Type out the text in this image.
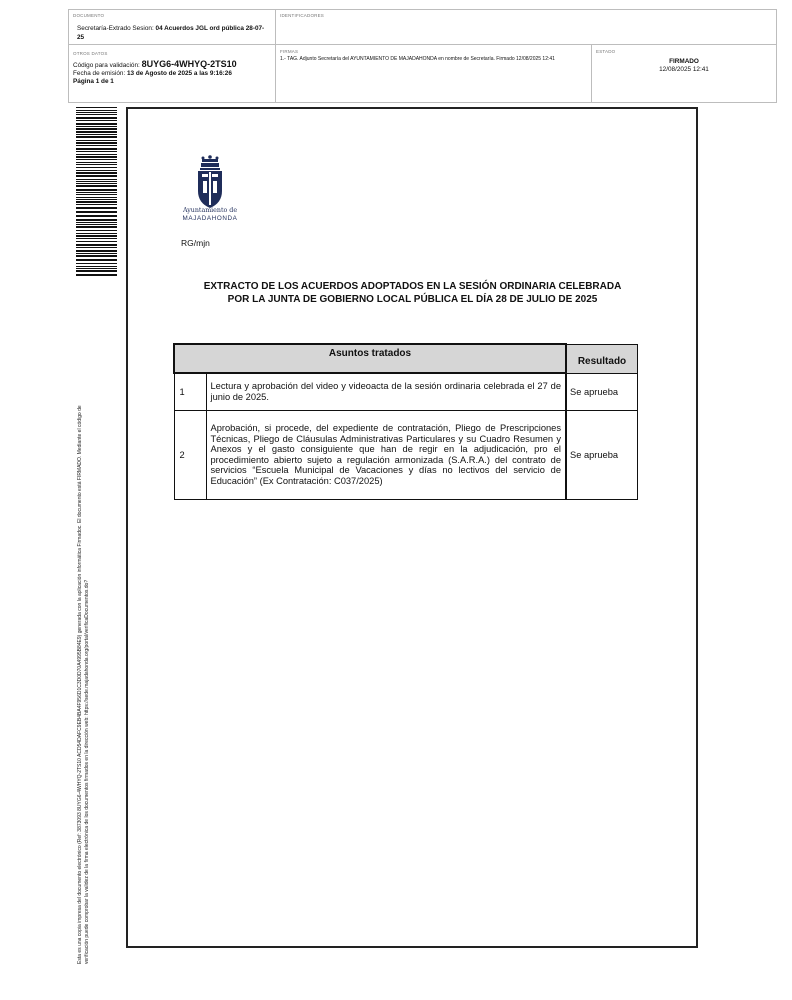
DOCUMENTO
Secretaría-Extrado Sesion: 04 Acuerdos JGL ord pública 28-07-25
IDENTIFICADORES
OTROS DATOS
Código para validación: 8UYG6-4WHYQ-2TS10
Fecha de emisión: 13 de Agosto de 2025 a las 9:16:26
Página 1 de 1
FIRMAS
1.- TAG. Adjunto Secretaría del AYUNTAMIENTO DE MAJADAHONDA en nombre de Secretaría. Firmado 12/08/2025 12:41
ESTADO
FIRMADO
12/08/2025 12:41
Esta es una copia impresa del documento electrónico (Ref: 3873093 8UYG6-4WHYQ-2TS10 ACD54DAFC9EB4BA4F956D1C3D0D70A4995B84E9) generada con la aplicación informática Firmadoc. El documento está FIRMADO. Mediante el código de verificación puede comprobar la validez de la firma electrónica de los documentos firmados en la dirección web: https://sede.majadahonda.org/portal/verificaDocumentos.do?
Ayuntamiento de
MAJADAHONDA
RG/mjn
EXTRACTO DE LOS ACUERDOS ADOPTADOS EN LA SESIÓN ORDINARIA CELEBRADA
POR LA JUNTA DE GOBIERNO LOCAL PÚBLICA EL DÍA 28 DE JULIO DE 2025
Asuntos tratados		Resultado
1	Lectura y aprobación del video y videoacta de la sesión ordinaria celebrada el 27 de junio de 2025.	Se aprueba
2	Aprobación, si procede, del expediente de contratación, Pliego de Prescripciones Técnicas, Pliego de Cláusulas Administrativas Particulares y su Cuadro Resumen y Anexos y el gasto consiguiente que han de regir en la adjudicación, pro el procedimiento abierto sujeto a regulación armonizada (S.A.R.A.) del contrato de servicios “Escuela Municipal de Vacaciones y días no lectivos del servicio de Educación” (Ex Contratación: C037/2025)	Se aprueba
